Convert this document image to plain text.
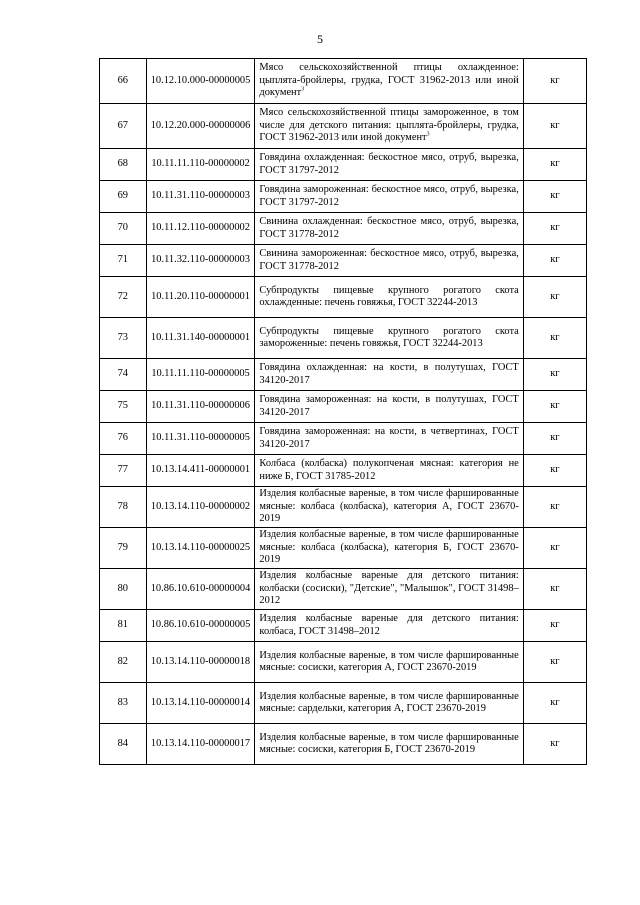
5
66	10.12.10.000-00000005	Мясо сельскохозяйственной птицы охлажденное: цыплята-бройлеры, грудка, ГОСТ 31962-2013 или иной документ$^3$	кг
67	10.12.20.000-00000006	Мясо сельскохозяйственной птицы замороженное, в том числе для детского питания: цыплята-бройлеры, грудка, ГОСТ 31962-2013 или иной документ$^3$	кг
68	10.11.11.110-00000002	Говядина охлажденная: бескостное мясо, отруб, вырезка, ГОСТ 31797-2012	кг
69	10.11.31.110-00000003	Говядина замороженная: бескостное мясо, отруб, вырезка, ГОСТ 31797-2012	кг
70	10.11.12.110-00000002	Свинина охлажденная: бескостное мясо, отруб, вырезка, ГОСТ 31778-2012	кг
71	10.11.32.110-00000003	Свинина замороженная: бескостное мясо, отруб, вырезка, ГОСТ 31778-2012	кг
72	10.11.20.110-00000001	Субпродукты пищевые крупного рогатого скота охлажденные: печень говяжья, ГОСТ 32244-2013	кг
73	10.11.31.140-00000001	Субпродукты пищевые крупного рогатого скота замороженные: печень говяжья, ГОСТ 32244-2013	кг
74	10.11.11.110-00000005	Говядина охлажденная: на кости, в полутушах, ГОСТ 34120-2017	кг
75	10.11.31.110-00000006	Говядина замороженная: на кости, в полутушах, ГОСТ 34120-2017	кг
76	10.11.31.110-00000005	Говядина замороженная: на кости, в четвертинах, ГОСТ 34120-2017	кг
77	10.13.14.411-00000001	Колбаса (колбаска) полукопченая мясная: категория не ниже Б, ГОСТ 31785-2012	кг
78	10.13.14.110-00000002	Изделия колбасные вареные, в том числе фаршированные мясные: колбаса (колбаска), категория А, ГОСТ 23670-2019	кг
79	10.13.14.110-00000025	Изделия колбасные вареные, в том числе фаршированные мясные: колбаса (колбаска), категория Б, ГОСТ 23670-2019	кг
80	10.86.10.610-00000004	Изделия колбасные вареные для детского питания: колбаски (сосиски), "Детские", "Малышок", ГОСТ 31498–2012	кг
81	10.86.10.610-00000005	Изделия колбасные вареные для детского питания: колбаса, ГОСТ 31498–2012	кг
82	10.13.14.110-00000018	Изделия колбасные вареные, в том числе фаршированные мясные: сосиски, категория А, ГОСТ 23670-2019	кг
83	10.13.14.110-00000014	Изделия колбасные вареные, в том числе фаршированные мясные: сардельки, категория А, ГОСТ 23670-2019	кг
84	10.13.14.110-00000017	Изделия колбасные вареные, в том числе фаршированные мясные: сосиски, категория Б, ГОСТ 23670-2019	кг
